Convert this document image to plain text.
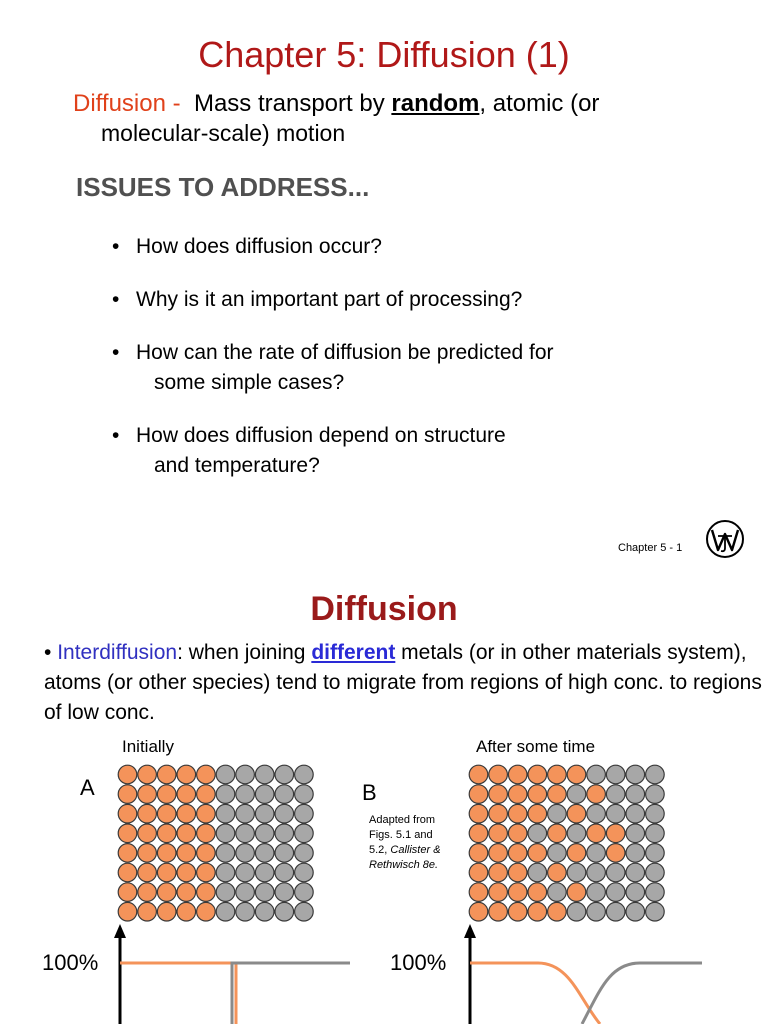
Chapter 5: Diffusion (1)
Diffusion - Mass transport by random, atomic (or
molecular-scale) motion
ISSUES TO ADDRESS...
• How does diffusion occur?
• Why is it an important part of processing?
• How can the rate of diffusion be predicted for
some simple cases?
• How does diffusion depend on structure
and temperature?
Chapter 5 - 1
Diffusion
• Interdiffusion: when joining different metals (or in other materials system), atoms (or other species) tend to migrate from regions of high conc. to regions of low conc.
Initially	After some time
A	B
Adapted from
Figs. 5.1 and
5.2, Callister &
Rethwisch 8e.
100%	100%
